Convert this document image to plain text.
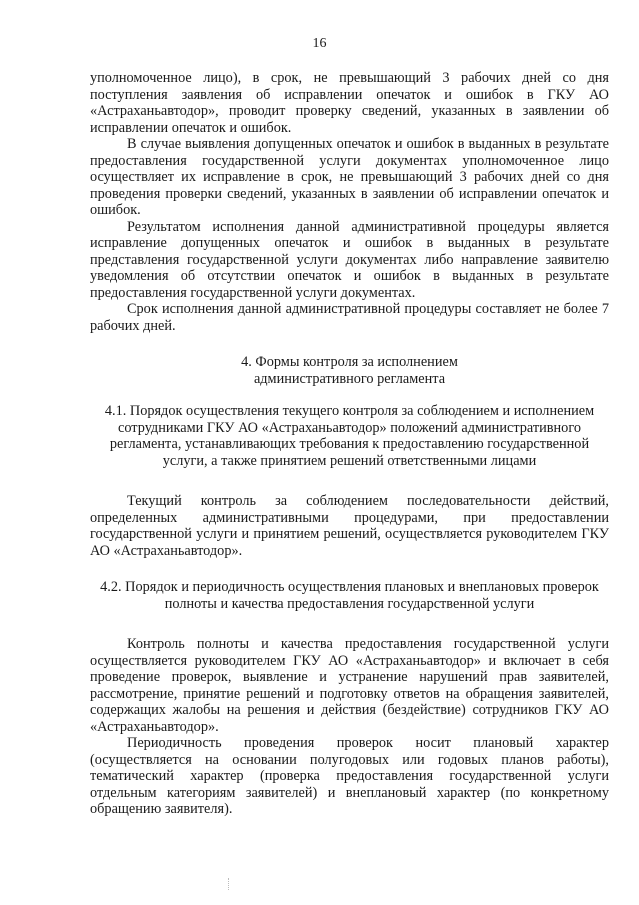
16

уполномоченное лицо), в срок, не превышающий 3 рабочих дней со дня поступления заявления об исправлении опечаток и ошибок в ГКУ АО «Астраханьавтодор», проводит проверку сведений, указанных в заявлении об исправлении опечаток и ошибок.

В случае выявления допущенных опечаток и ошибок в выданных в результате предоставления государственной услуги документах уполномоченное лицо осуществляет их исправление в срок, не превышающий 3 рабочих дней со дня проведения проверки сведений, указанных в заявлении об исправлении опечаток и ошибок.

Результатом исполнения данной административной процедуры является исправление допущенных опечаток и ошибок в выданных в результате представления государственной услуги документах либо направление заявителю уведомления об отсутствии опечаток и ошибок в выданных в результате предоставления государственной услуги документах.

Срок исполнения данной административной процедуры составляет не более 7 рабочих дней.

4. Формы контроля за исполнением

административного регламента

4.1. Порядок осуществления текущего контроля за соблюдением и исполнением сотрудниками ГКУ АО «Астраханьавтодор» положений административного регламента, устанавливающих требования к предоставлению государственной услуги, а также принятием решений ответственными лицами

Текущий контроль за соблюдением последовательности действий, определенных административными процедурами, при предоставлении государственной услуги и принятием решений, осуществляется руководителем ГКУ АО «Астраханьавтодор».

4.2. Порядок и периодичность осуществления плановых и внеплановых проверок полноты и качества предоставления государственной услуги

Контроль полноты и качества предоставления государственной услуги осуществляется руководителем ГКУ АО «Астраханьавтодор» и включает в себя проведение проверок, выявление и устранение нарушений прав заявителей, рассмотрение, принятие решений и подготовку ответов на обращения заявителей, содержащих жалобы на решения и действия (бездействие) сотрудников ГКУ АО «Астраханьавтодор».

Периодичность проведения проверок носит плановый характер (осуществляется на основании полугодовых или годовых планов работы), тематический характер (проверка предоставления государственной услуги отдельным категориям заявителей) и внеплановый характер (по конкретному обращению заявителя).
